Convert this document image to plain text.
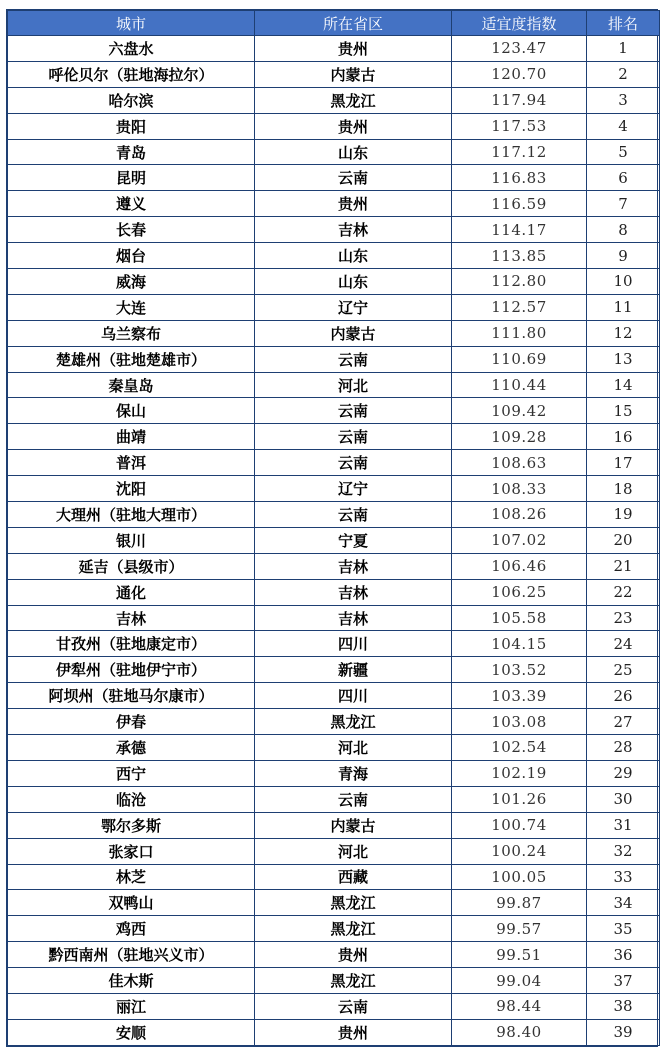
城市	所在省区	适宜度指数	排名
六盘水	贵州	123.47	1
呼伦贝尔（驻地海拉尔）	内蒙古	120.70	2
哈尔滨	黑龙江	117.94	3
贵阳	贵州	117.53	4
青岛	山东	117.12	5
昆明	云南	116.83	6
遵义	贵州	116.59	7
长春	吉林	114.17	8
烟台	山东	113.85	9
威海	山东	112.80	10
大连	辽宁	112.57	11
乌兰察布	内蒙古	111.80	12
楚雄州（驻地楚雄市）	云南	110.69	13
秦皇岛	河北	110.44	14
保山	云南	109.42	15
曲靖	云南	109.28	16
普洱	云南	108.63	17
沈阳	辽宁	108.33	18
大理州（驻地大理市）	云南	108.26	19
银川	宁夏	107.02	20
延吉（县级市）	吉林	106.46	21
通化	吉林	106.25	22
吉林	吉林	105.58	23
甘孜州（驻地康定市）	四川	104.15	24
伊犁州（驻地伊宁市）	新疆	103.52	25
阿坝州（驻地马尔康市）	四川	103.39	26
伊春	黑龙江	103.08	27
承德	河北	102.54	28
西宁	青海	102.19	29
临沧	云南	101.26	30
鄂尔多斯	内蒙古	100.74	31
张家口	河北	100.24	32
林芝	西藏	100.05	33
双鸭山	黑龙江	99.87	34
鸡西	黑龙江	99.57	35
黔西南州（驻地兴义市）	贵州	99.51	36
佳木斯	黑龙江	99.04	37
丽江	云南	98.44	38
安顺	贵州	98.40	39
